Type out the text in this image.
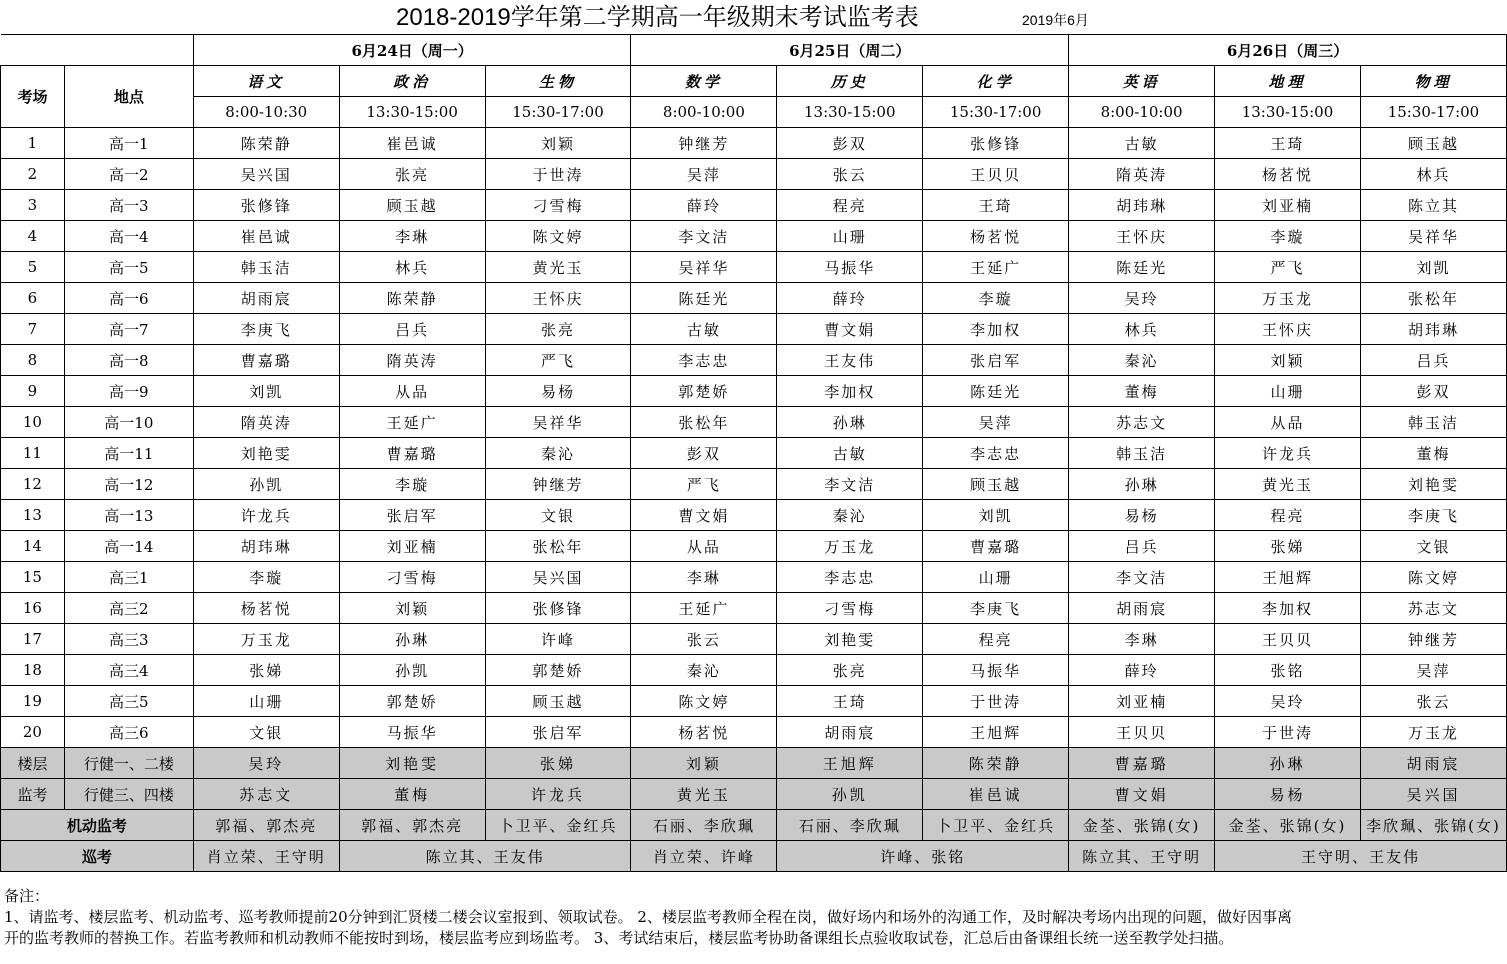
2018-2019学年第二学期高一年级期末考试监考表	2019年6月
		6月24日（周一）			6月25日（周二）			6月26日（周三）		
考场	地点	语文	政治	生物	数学	历史	化学	英语	地理	物理
		8:00-10:30	13:30-15:00	15:30-17:00	8:00-10:00	13:30-15:00	15:30-17:00	8:00-10:00	13:30-15:00	15:30-17:00
1	高一1	陈荣静	崔邑诚	刘颖	钟继芳	彭双	张修锋	古敏	王琦	顾玉越
2	高一2	吴兴国	张亮	于世涛	吴萍	张云	王贝贝	隋英涛	杨茗悦	林兵
3	高一3	张修锋	顾玉越	刁雪梅	薛玲	程亮	王琦	胡玮琳	刘亚楠	陈立其
4	高一4	崔邑诚	李琳	陈文婷	李文洁	山珊	杨茗悦	王怀庆	李璇	吴祥华
5	高一5	韩玉洁	林兵	黄光玉	吴祥华	马振华	王延广	陈廷光	严飞	刘凯
6	高一6	胡雨宸	陈荣静	王怀庆	陈廷光	薛玲	李璇	吴玲	万玉龙	张松年
7	高一7	李庚飞	吕兵	张亮	古敏	曹文娟	李加权	林兵	王怀庆	胡玮琳
8	高一8	曹嘉璐	隋英涛	严飞	李志忠	王友伟	张启军	秦沁	刘颖	吕兵
9	高一9	刘凯	从品	易杨	郭楚娇	李加权	陈廷光	董梅	山珊	彭双
10	高一10	隋英涛	王延广	吴祥华	张松年	孙琳	吴萍	苏志文	从品	韩玉洁
11	高一11	刘艳雯	曹嘉璐	秦沁	彭双	古敏	李志忠	韩玉洁	许龙兵	董梅
12	高一12	孙凯	李璇	钟继芳	严飞	李文洁	顾玉越	孙琳	黄光玉	刘艳雯
13	高一13	许龙兵	张启军	文银	曹文娟	秦沁	刘凯	易杨	程亮	李庚飞
14	高一14	胡玮琳	刘亚楠	张松年	从品	万玉龙	曹嘉璐	吕兵	张娣	文银
15	高三1	李璇	刁雪梅	吴兴国	李琳	李志忠	山珊	李文洁	王旭辉	陈文婷
16	高三2	杨茗悦	刘颖	张修锋	王延广	刁雪梅	李庚飞	胡雨宸	李加权	苏志文
17	高三3	万玉龙	孙琳	许峰	张云	刘艳雯	程亮	李琳	王贝贝	钟继芳
18	高三4	张娣	孙凯	郭楚娇	秦沁	张亮	马振华	薛玲	张铭	吴萍
19	高三5	山珊	郭楚娇	顾玉越	陈文婷	王琦	于世涛	刘亚楠	吴玲	张云
20	高三6	文银	马振华	张启军	杨茗悦	胡雨宸	王旭辉	王贝贝	于世涛	万玉龙
楼层	行健一、二楼	吴玲	刘艳雯	张娣	刘颖	王旭辉	陈荣静	曹嘉璐	孙琳	胡雨宸
监考	行健三、四楼	苏志文	董梅	许龙兵	黄光玉	孙凯	崔邑诚	曹文娟	易杨	吴兴国
机动监考		郭福、郭杰亮	郭福、郭杰亮	卜卫平、金红兵	石丽、李欣珮	石丽、李欣珮	卜卫平、金红兵	金荃、张锦(女)	金荃、张锦(女)	李欣珮、张锦(女)
巡考		肖立荣、王守明	陈立其、王友伟		肖立荣、许峰	许峰、张铭		陈立其、王守明	王守明、王友伟	
备注：
1、请监考、楼层监考、机动监考、巡考教师提前20分钟到汇贤楼二楼会议室报到、领取试卷。 2、楼层监考教师全程在岗，做好场内和场外的沟通工作，及时解决考场内出现的问题，做好因事离
开的监考教师的替换工作。若监考教师和机动教师不能按时到场，楼层监考应到场监考。 3、考试结束后，楼层监考协助备课组长点验收取试卷，汇总后由备课组长统一送至教学处扫描。
